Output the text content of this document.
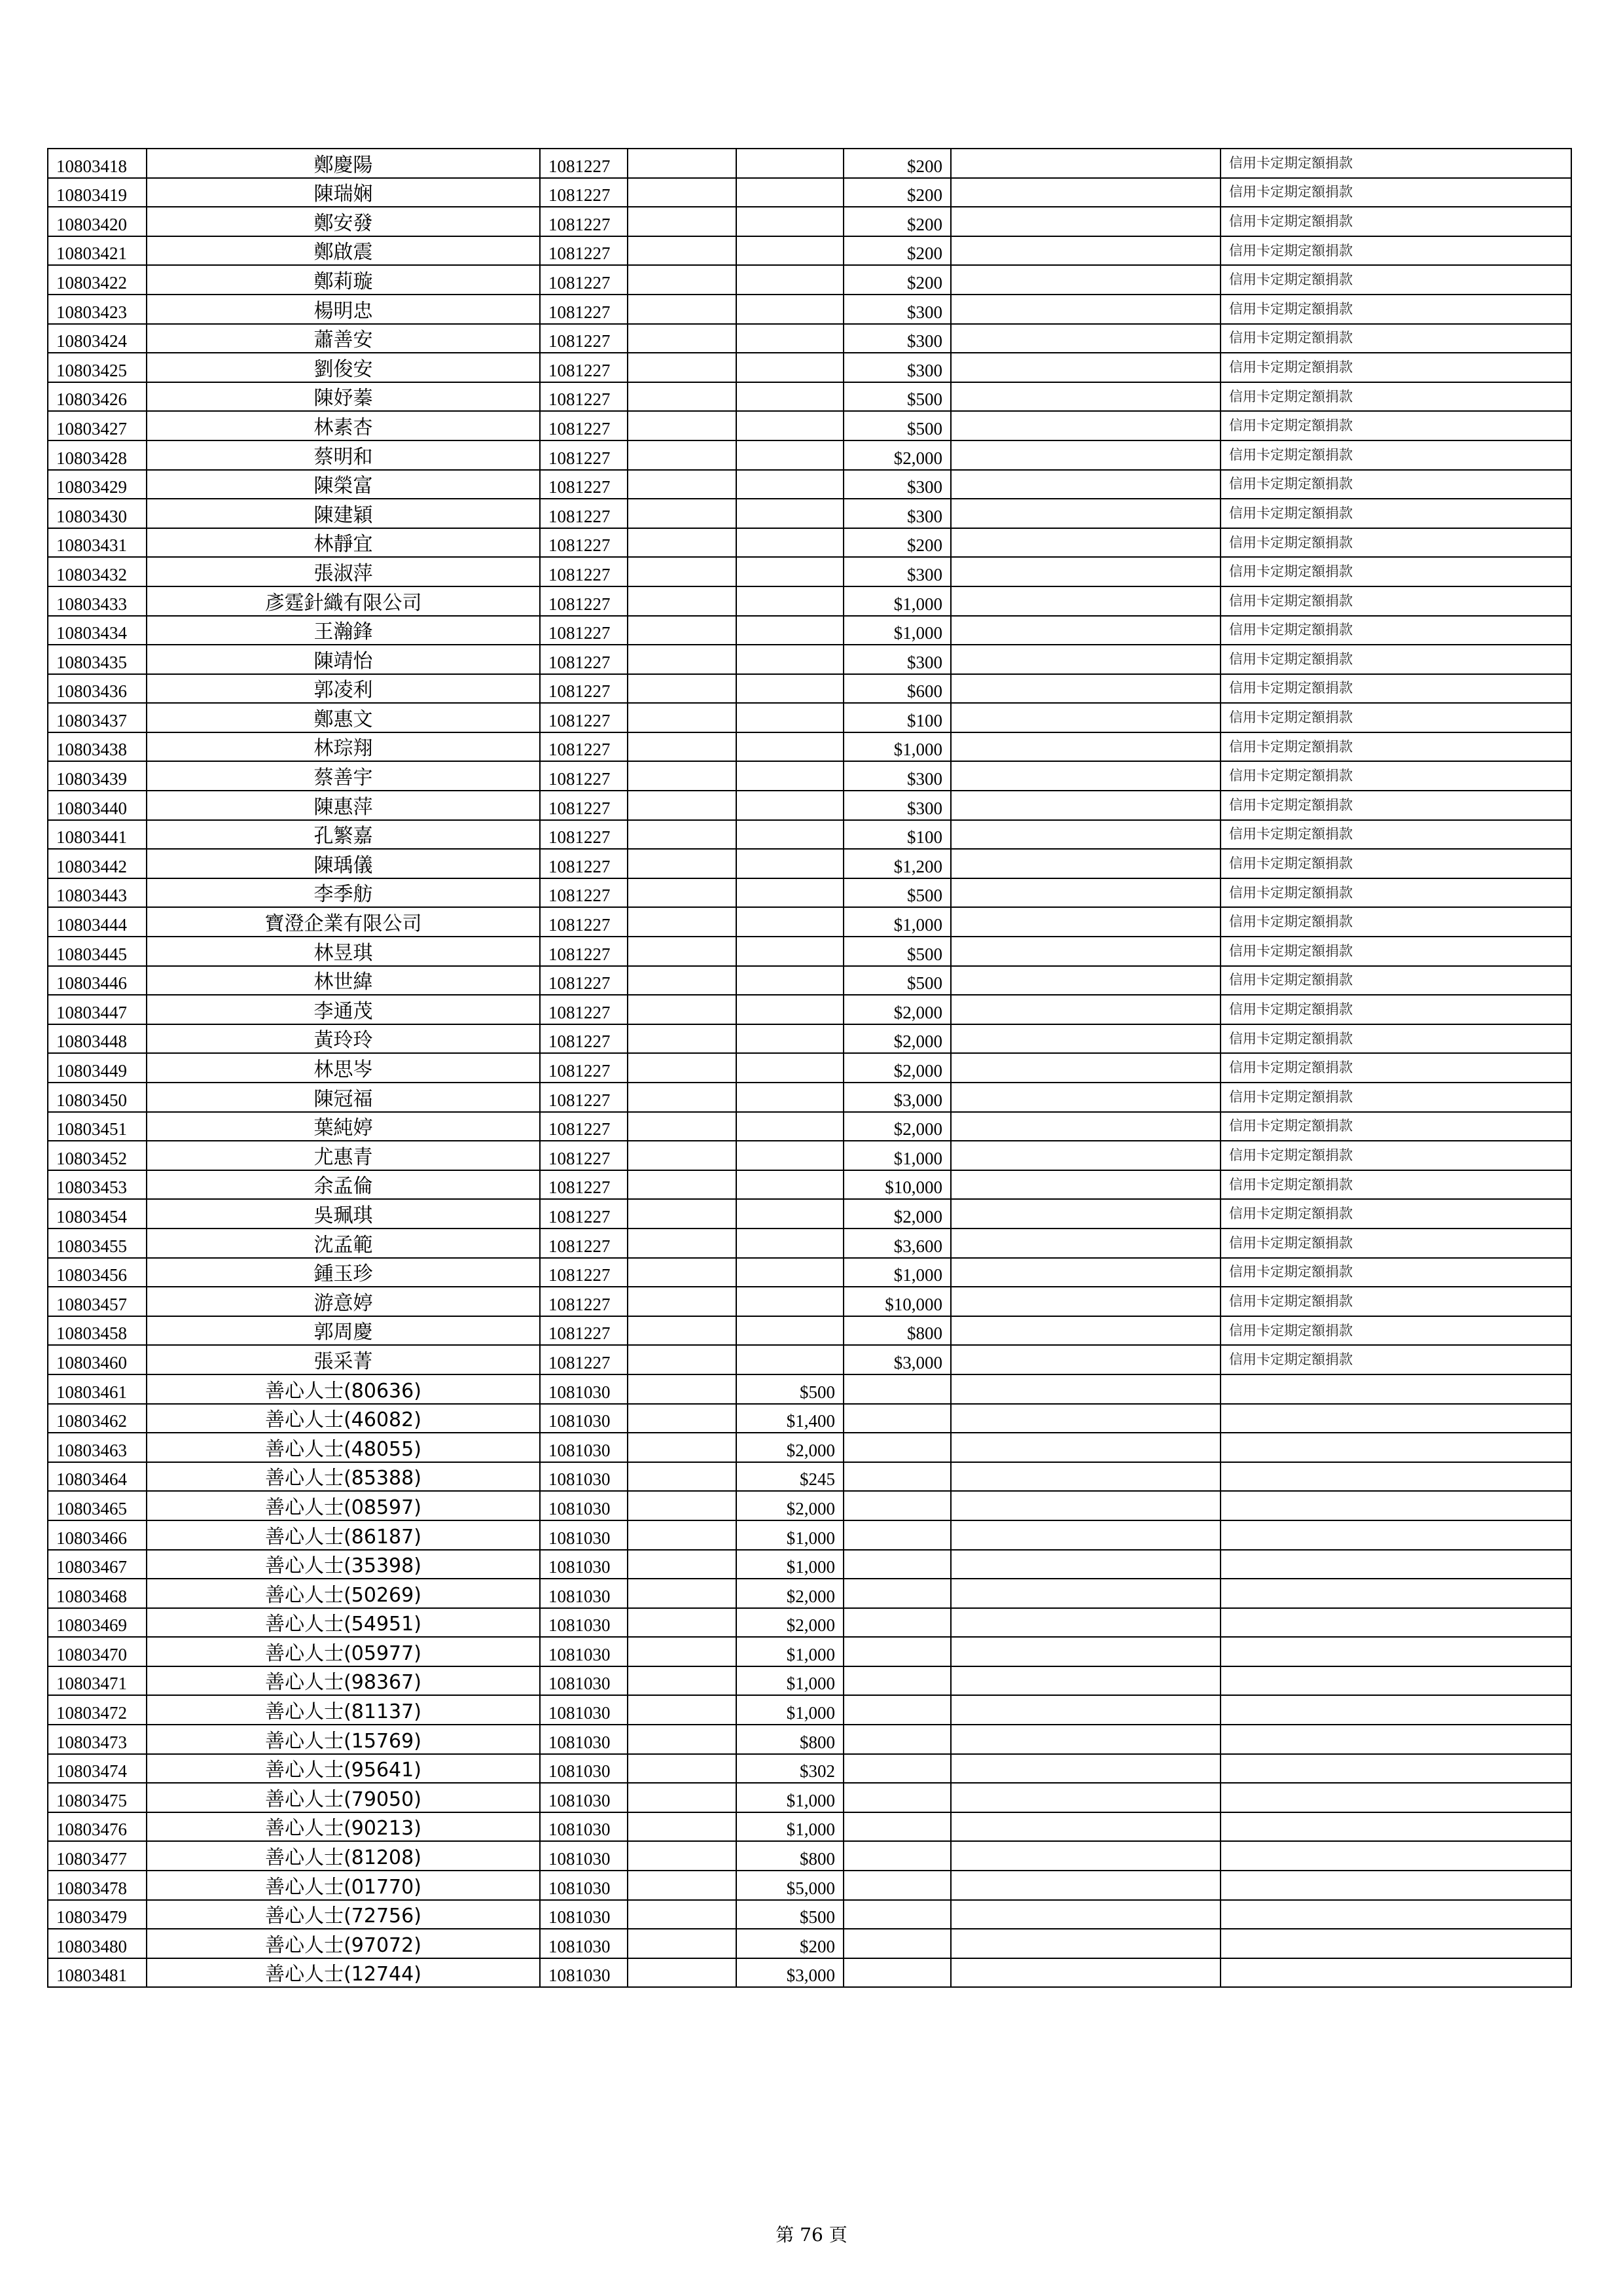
10803418	鄭慶陽	1081227			$200		信用卡定期定額捐款
10803419	陳瑞娴	1081227			$200		信用卡定期定額捐款
10803420	鄭安發	1081227			$200		信用卡定期定額捐款
10803421	鄭啟震	1081227			$200		信用卡定期定額捐款
10803422	鄭莉璇	1081227			$200		信用卡定期定額捐款
10803423	楊明忠	1081227			$300		信用卡定期定額捐款
10803424	蕭善安	1081227			$300		信用卡定期定額捐款
10803425	劉俊安	1081227			$300		信用卡定期定額捐款
10803426	陳妤蓁	1081227			$500		信用卡定期定額捐款
10803427	林素杏	1081227			$500		信用卡定期定額捐款
10803428	蔡明和	1081227			$2,000		信用卡定期定額捐款
10803429	陳榮富	1081227			$300		信用卡定期定額捐款
10803430	陳建穎	1081227			$300		信用卡定期定額捐款
10803431	林靜宜	1081227			$200		信用卡定期定額捐款
10803432	張淑萍	1081227			$300		信用卡定期定額捐款
10803433	彥霆針織有限公司	1081227			$1,000		信用卡定期定額捐款
10803434	王瀚鋒	1081227			$1,000		信用卡定期定額捐款
10803435	陳靖怡	1081227			$300		信用卡定期定額捐款
10803436	郭凌利	1081227			$600		信用卡定期定額捐款
10803437	鄭惠文	1081227			$100		信用卡定期定額捐款
10803438	林琮翔	1081227			$1,000		信用卡定期定額捐款
10803439	蔡善宇	1081227			$300		信用卡定期定額捐款
10803440	陳惠萍	1081227			$300		信用卡定期定額捐款
10803441	孔繁嘉	1081227			$100		信用卡定期定額捐款
10803442	陳瑀儀	1081227			$1,200		信用卡定期定額捐款
10803443	李季舫	1081227			$500		信用卡定期定額捐款
10803444	寶澄企業有限公司	1081227			$1,000		信用卡定期定額捐款
10803445	林昱琪	1081227			$500		信用卡定期定額捐款
10803446	林世緯	1081227			$500		信用卡定期定額捐款
10803447	李通茂	1081227			$2,000		信用卡定期定額捐款
10803448	黃玲玲	1081227			$2,000		信用卡定期定額捐款
10803449	林思岑	1081227			$2,000		信用卡定期定額捐款
10803450	陳冠福	1081227			$3,000		信用卡定期定額捐款
10803451	葉純婷	1081227			$2,000		信用卡定期定額捐款
10803452	尤惠青	1081227			$1,000		信用卡定期定額捐款
10803453	余孟倫	1081227			$10,000		信用卡定期定額捐款
10803454	吳珮琪	1081227			$2,000		信用卡定期定額捐款
10803455	沈孟範	1081227			$3,600		信用卡定期定額捐款
10803456	鍾玉珍	1081227			$1,000		信用卡定期定額捐款
10803457	游意婷	1081227			$10,000		信用卡定期定額捐款
10803458	郭周慶	1081227			$800		信用卡定期定額捐款
10803460	張采菁	1081227			$3,000		信用卡定期定額捐款
10803461	善心人士(80636)	1081030		$500			
10803462	善心人士(46082)	1081030		$1,400			
10803463	善心人士(48055)	1081030		$2,000			
10803464	善心人士(85388)	1081030		$245			
10803465	善心人士(08597)	1081030		$2,000			
10803466	善心人士(86187)	1081030		$1,000			
10803467	善心人士(35398)	1081030		$1,000			
10803468	善心人士(50269)	1081030		$2,000			
10803469	善心人士(54951)	1081030		$2,000			
10803470	善心人士(05977)	1081030		$1,000			
10803471	善心人士(98367)	1081030		$1,000			
10803472	善心人士(81137)	1081030		$1,000			
10803473	善心人士(15769)	1081030		$800			
10803474	善心人士(95641)	1081030		$302			
10803475	善心人士(79050)	1081030		$1,000			
10803476	善心人士(90213)	1081030		$1,000			
10803477	善心人士(81208)	1081030		$800			
10803478	善心人士(01770)	1081030		$5,000			
10803479	善心人士(72756)	1081030		$500			
10803480	善心人士(97072)	1081030		$200			
10803481	善心人士(12744)	1081030		$3,000			
第 76 頁
